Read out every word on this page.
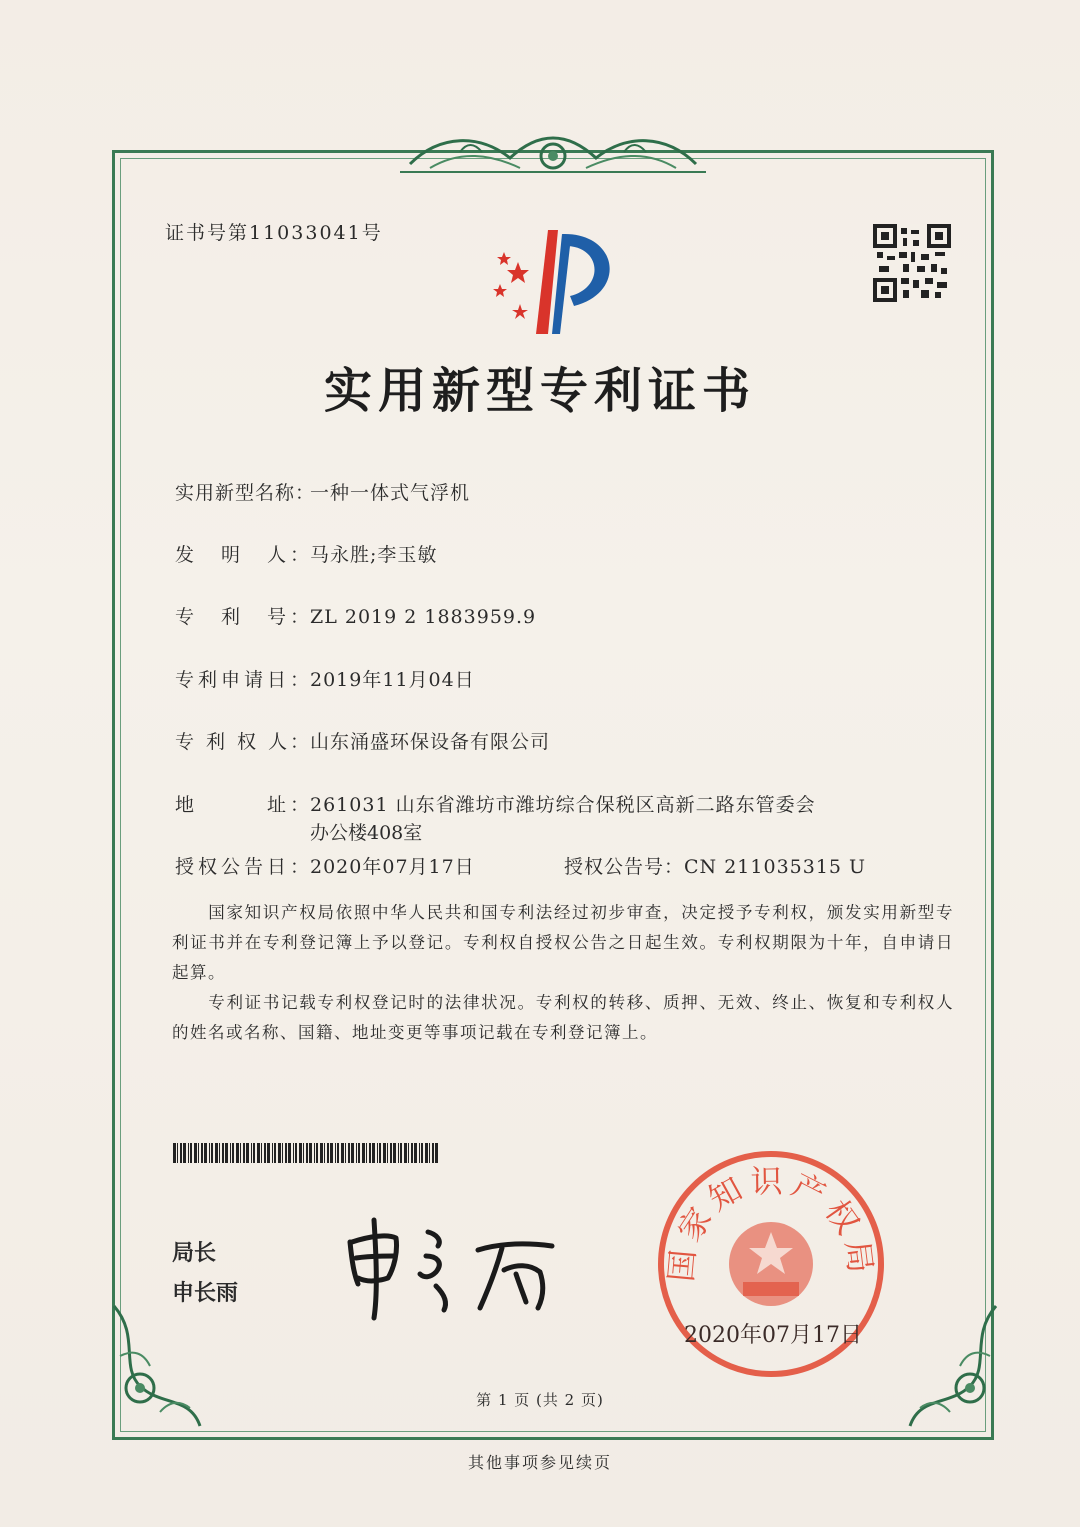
证书号第11033041号
实用新型专利证书
实用新型名称：一种一体式气浮机
发　明　人：马永胜;李玉敏
专　利　号：ZL 2019 2 1883959.9
专利申请日：2019年11月04日
专 利 权 人：山东涌盛环保设备有限公司
地　　　址：261031 山东省潍坊市潍坊综合保税区高新二路东管委会
办公楼408室
授权公告日：2020年07月17日	授权公告号：CN 211035315 U
国家知识产权局依照中华人民共和国专利法经过初步审查，决定授予专利权，颁发实用新型专利证书并在专利登记簿上予以登记。专利权自授权公告之日起生效。专利权期限为十年，自申请日起算。
专利证书记载专利权登记时的法律状况。专利权的转移、质押、无效、终止、恢复和专利权人的姓名或名称、国籍、地址变更等事项记载在专利登记簿上。
局长
申长雨
国家知识产权局
2020年07月17日
第 1 页 (共 2 页)
其他事项参见续页
